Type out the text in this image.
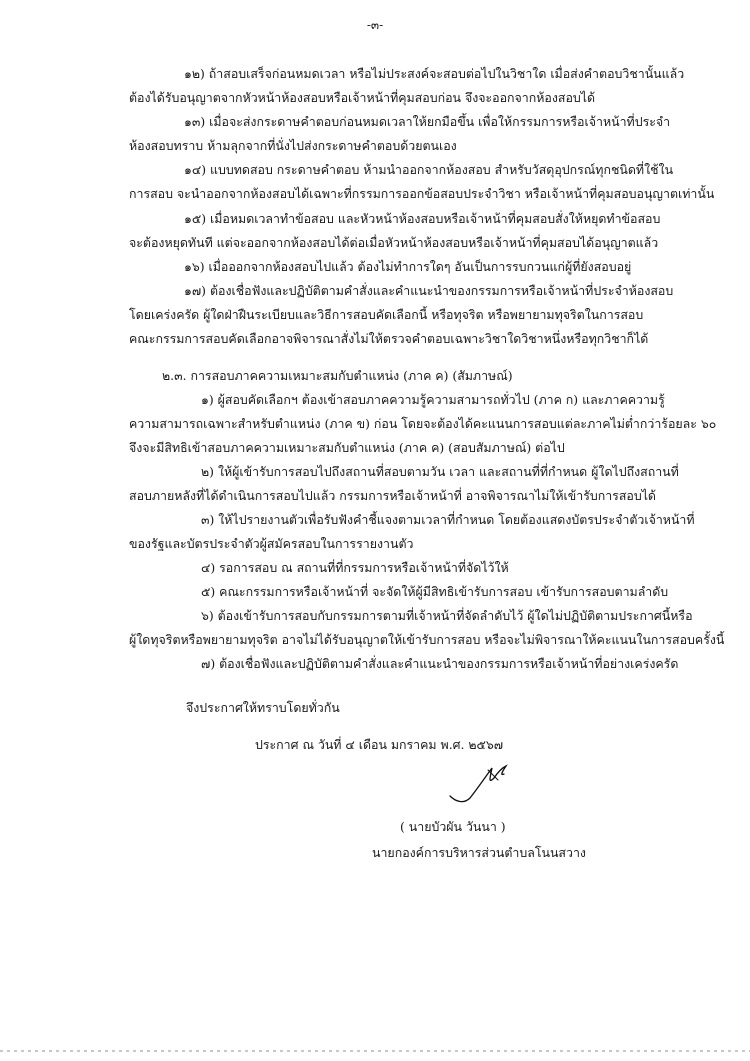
-๓-
๑๒) ถ้าสอบเสร็จก่อนหมดเวลา หรือไม่ประสงค์จะสอบต่อไปในวิชาใด เมื่อส่งคำตอบวิชานั้นแล้ว
ต้องได้รับอนุญาตจากหัวหน้าห้องสอบหรือเจ้าหน้าที่คุมสอบก่อน จึงจะออกจากห้องสอบได้
๑๓) เมื่อจะส่งกระดาษคำตอบก่อนหมดเวลาให้ยกมือขึ้น เพื่อให้กรรมการหรือเจ้าหน้าที่ประจำ
ห้องสอบทราบ ห้ามลุกจากที่นั่งไปส่งกระดาษคำตอบด้วยตนเอง
๑๔) แบบทดสอบ กระดาษคำตอบ ห้ามนำออกจากห้องสอบ สำหรับวัสดุอุปกรณ์ทุกชนิดที่ใช้ใน
การสอบ จะนำออกจากห้องสอบได้เฉพาะที่กรรมการออกข้อสอบประจำวิชา หรือเจ้าหน้าที่คุมสอบอนุญาตเท่านั้น
๑๕) เมื่อหมดเวลาทำข้อสอบ และหัวหน้าห้องสอบหรือเจ้าหน้าที่คุมสอบสั่งให้หยุดทำข้อสอบ
จะต้องหยุดทันที แต่จะออกจากห้องสอบได้ต่อเมื่อหัวหน้าห้องสอบหรือเจ้าหน้าที่คุมสอบได้อนุญาตแล้ว
๑๖) เมื่อออกจากห้องสอบไปแล้ว ต้องไม่ทำการใดๆ อันเป็นการรบกวนแก่ผู้ที่ยังสอบอยู่
๑๗) ต้องเชื่อฟังและปฏิบัติตามคำสั่งและคำแนะนำของกรรมการหรือเจ้าหน้าที่ประจำห้องสอบ
โดยเคร่งครัด ผู้ใดฝ่าฝืนระเบียบและวิธีการสอบคัดเลือกนี้ หรือทุจริต หรือพยายามทุจริตในการสอบ
คณะกรรมการสอบคัดเลือกอาจพิจารณาสั่งไม่ให้ตรวจคำตอบเฉพาะวิชาใดวิชาหนึ่งหรือทุกวิชาก็ได้
๒.๓. การสอบภาคความเหมาะสมกับตำแหน่ง (ภาค ค) (สัมภาษณ์)
๑) ผู้สอบคัดเลือกฯ ต้องเข้าสอบภาคความรู้ความสามารถทั่วไป (ภาค ก) และภาคความรู้
ความสามารถเฉพาะสำหรับตำแหน่ง (ภาค ข) ก่อน โดยจะต้องได้คะแนนการสอบแต่ละภาคไม่ต่ำกว่าร้อยละ ๖๐
จึงจะมีสิทธิเข้าสอบภาคความเหมาะสมกับตำแหน่ง (ภาค ค) (สอบสัมภาษณ์) ต่อไป
๒) ให้ผู้เข้ารับการสอบไปถึงสถานที่สอบตามวัน เวลา และสถานที่ที่กำหนด ผู้ใดไปถึงสถานที่
สอบภายหลังที่ได้ดำเนินการสอบไปแล้ว กรรมการหรือเจ้าหน้าที่ อาจพิจารณาไม่ให้เข้ารับการสอบได้
๓) ให้ไปรายงานตัวเพื่อรับฟังคำชี้แจงตามเวลาที่กำหนด โดยต้องแสดงบัตรประจำตัวเจ้าหน้าที่
ของรัฐและบัตรประจำตัวผู้สมัครสอบในการรายงานตัว
๔) รอการสอบ ณ สถานที่ที่กรรมการหรือเจ้าหน้าที่จัดไว้ให้
๕) คณะกรรมการหรือเจ้าหน้าที่ จะจัดให้ผู้มีสิทธิเข้ารับการสอบ เข้ารับการสอบตามลำดับ
๖) ต้องเข้ารับการสอบกับกรรมการตามที่เจ้าหน้าที่จัดลำดับไว้ ผู้ใดไม่ปฏิบัติตามประกาศนี้หรือ
ผู้ใดทุจริตหรือพยายามทุจริต อาจไม่ได้รับอนุญาตให้เข้ารับการสอบ หรือจะไม่พิจารณาให้คะแนนในการสอบครั้งนี้
๗) ต้องเชื่อฟังและปฏิบัติตามคำสั่งและคำแนะนำของกรรมการหรือเจ้าหน้าที่อย่างเคร่งครัด
จึงประกาศให้ทราบโดยทั่วกัน
ประกาศ ณ วันที่ ๔ เดือน มกราคม พ.ศ. ๒๕๖๗
( นายบัวผัน วันนา )
นายกองค์การบริหารส่วนตำบลโนนสวาง
